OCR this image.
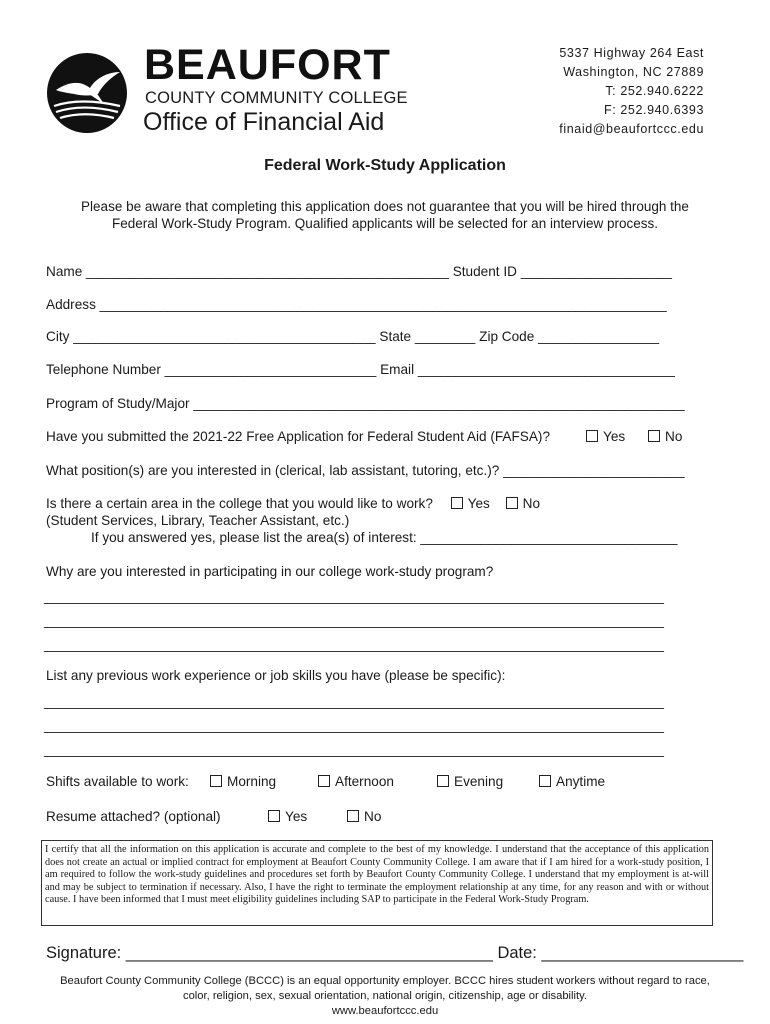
BEAUFORT
COUNTY COMMUNITY COLLEGE
Office of Financial Aid
5337 Highway 264 East
Washington, NC 27889
T: 252.940.6222
F: 252.940.6393
finaid@beaufortccc.edu
Federal Work-Study Application
Please be aware that completing this application does not guarantee that you will be hired through the
Federal Work-Study Program. Qualified applicants will be selected for an interview process.
Name ________________________________________________ Student ID ____________________
Address ___________________________________________________________________________
City ________________________________________ State ________ Zip Code ________________
Telephone Number ____________________________ Email __________________________________
Program of Study/Major _________________________________________________________________
Have you submitted the 2021-22 Free Application for Federal Student Aid (FAFSA)?	Yes	No
What position(s) are you interested in (clerical, lab assistant, tutoring, etc.)? ________________________
Is there a certain area in the college that you would like to work?	Yes No
(Student Services, Library, Teacher Assistant, etc.)
If you answered yes, please list the area(s) of interest: __________________________________
Why are you interested in participating in our college work-study program?
__________________________________________________________________________________
__________________________________________________________________________________
__________________________________________________________________________________
List any previous work experience or job skills you have (please be specific):
__________________________________________________________________________________
__________________________________________________________________________________
__________________________________________________________________________________
Shifts available to work:	Morning	Afternoon	Evening	Anytime
Resume attached? (optional)	Yes	No
I certify that all the information on this application is accurate and complete to the best of my knowledge. I understand that the acceptance of this application does not create an actual or implied contract for employment at Beaufort County Community College. I am aware that if I am hired for a work-study position, I am required to follow the work-study guidelines and procedures set forth by Beaufort County Community College. I understand that my employment is at-will and may be subject to termination if necessary. Also, I have the right to terminate the employment relationship at any time, for any reason and with or without cause. I have been informed that I must meet eligibility guidelines including SAP to participate in the Federal Work-Study Program.
Signature: ________________________________________ Date: ______________________
Beaufort County Community College (BCCC) is an equal opportunity employer. BCCC hires student workers without regard to race,
color, religion, sex, sexual orientation, national origin, citizenship, age or disability.
www.beaufortccc.edu
